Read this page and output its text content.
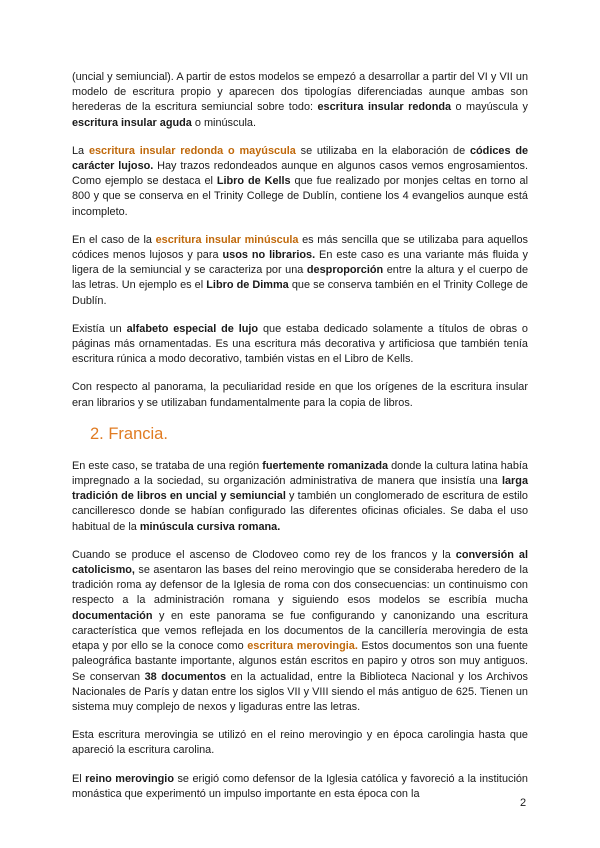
(uncial y semiuncial). A partir de estos modelos se empezó a desarrollar a partir del VI y VII un modelo de escritura propio y aparecen dos tipologías diferenciadas aunque ambas son herederas de la escritura semiuncial sobre todo: escritura insular redonda o mayúscula y escritura insular aguda o minúscula.

La escritura insular redonda o mayúscula se utilizaba en la elaboración de códices de carácter lujoso. Hay trazos redondeados aunque en algunos casos vemos engrosamientos. Como ejemplo se destaca el Libro de Kells que fue realizado por monjes celtas en torno al 800 y que se conserva en el Trinity College de Dublín, contiene los 4 evangelios aunque está incompleto.

En el caso de la escritura insular minúscula es más sencilla que se utilizaba para aquellos códices menos lujosos y para usos no librarios. En este caso es una variante más fluida y ligera de la semiuncial y se caracteriza por una desproporción entre la altura y el cuerpo de las letras. Un ejemplo es el Libro de Dimma que se conserva también en el Trinity College de Dublín.

Existía un alfabeto especial de lujo que estaba dedicado solamente a títulos de obras o páginas más ornamentadas. Es una escritura más decorativa y artificiosa que también tenía escritura rúnica a modo decorativo, también vistas en el Libro de Kells.

Con respecto al panorama, la peculiaridad reside en que los orígenes de la escritura insular eran librarios y se utilizaban fundamentalmente para la copia de libros.

2. Francia.

En este caso, se trataba de una región fuertemente romanizada donde la cultura latina había impregnado a la sociedad, su organización administrativa de manera que insistía una larga tradición de libros en uncial y semiuncial y también un conglomerado de escritura de estilo cancilleresco donde se habían configurado las diferentes oficinas oficiales. Se daba el uso habitual de la minúscula cursiva romana.

Cuando se produce el ascenso de Clodoveo como rey de los francos y la conversión al catolicismo, se asentaron las bases del reino merovingio que se consideraba heredero de la tradición roma ay defensor de la Iglesia de roma con dos consecuencias: un continuismo con respecto a la administración romana y siguiendo esos modelos se escribía mucha documentación y en este panorama se fue configurando y canonizando una escritura característica que vemos reflejada en los documentos de la cancillería merovingia de esta etapa y por ello se la conoce como escritura merovingia. Estos documentos son una fuente paleográfica bastante importante, algunos están escritos en papiro y otros son muy antiguos. Se conservan 38 documentos en la actualidad, entre la Biblioteca Nacional y los Archivos Nacionales de París y datan entre los siglos VII y VIII siendo el más antiguo de 625. Tienen un sistema muy complejo de nexos y ligaduras entre las letras.

Esta escritura merovingia se utilizó en el reino merovingio y en época carolingia hasta que apareció la escritura carolina.

El reino merovingio se erigió como defensor de la Iglesia católica y favoreció a la institución monástica que experimentó un impulso importante en esta época con la

2
